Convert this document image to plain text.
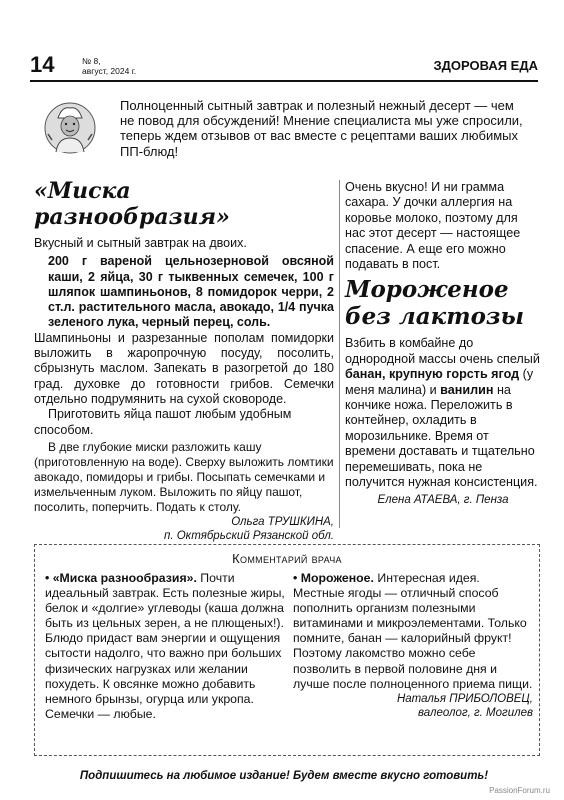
14	№ 8,
август, 2024 г.	ЗДОРОВАЯ ЕДА
Полноценный сытный завтрак и полезный нежный десерт — чем не повод для обсуждений! Мнение специалиста мы уже спросили, теперь ждем отзывов от вас вместе с рецептами ваших любимых ПП-блюд!
«Миска разнообразия»
Вкусный и сытный завтрак на двоих.
200 г вареной цельнозерновой овсяной каши, 2 яйца, 30 г тыквенных семечек, 100 г шляпок шампиньонов, 8 помидорок черри, 2 ст.л. растительного масла, авокадо, 1/4 пучка зеленого лука, черный перец, соль.
Шампиньоны и разрезанные пополам помидорки выложить в жаропрочную посуду, посолить, сбрызнуть маслом. Запекать в разогретой до 180 град. духовке до готовности грибов. Семечки отдельно подрумянить на сухой сковороде.
Приготовить яйца пашот любым удобным способом.
В две глубокие миски разложить кашу (приготовленную на воде). Сверху выложить ломтики авокадо, помидоры и грибы. Посыпать семечками и измельченным луком. Выложить по яйцу пашот, посолить, поперчить. Подать к столу.
Ольга ТРУШКИНА,
п. Октябрьский Рязанской обл.
Очень вкусно! И ни грамма сахара. У дочки аллергия на коровье молоко, поэтому для нас этот десерт — настоящее спасение. А еще его можно подавать в пост.
Мороженое
без лактозы
Взбить в комбайне до однородной массы очень спелый банан, крупную горсть ягод (у меня малина) и ванилин на кончике ножа. Переложить в контейнер, охладить в морозильнике. Время от времени доставать и тщательно перемешивать, пока не получится нужная консистенция.
Елена АТАЕВА, г. Пенза
Комментарий врача
• «Миска разнообразия». Почти идеальный завтрак. Есть полезные жиры, белок и «долгие» углеводы (каша должна быть из цельных зерен, а не плющеных!). Блюдо придаст вам энергии и ощущения сытости надолго, что важно при больших физических нагрузках или желании похудеть. К овсянке можно добавить немного брынзы, огурца или укропа. Семечки — любые.
• Мороженое. Интересная идея. Местные ягоды — отличный способ пополнить организм полезными витаминами и микроэлементами. Только помните, банан — калорийный фрукт! Поэтому лакомство можно себе позволить в первой половине дня и лучше после полноценного приема пищи.
Наталья ПРИБОЛОВЕЦ,
валеолог, г. Могилев
Подпишитесь на любимое издание! Будем вместе вкусно готовить!
PassionForum.ru
